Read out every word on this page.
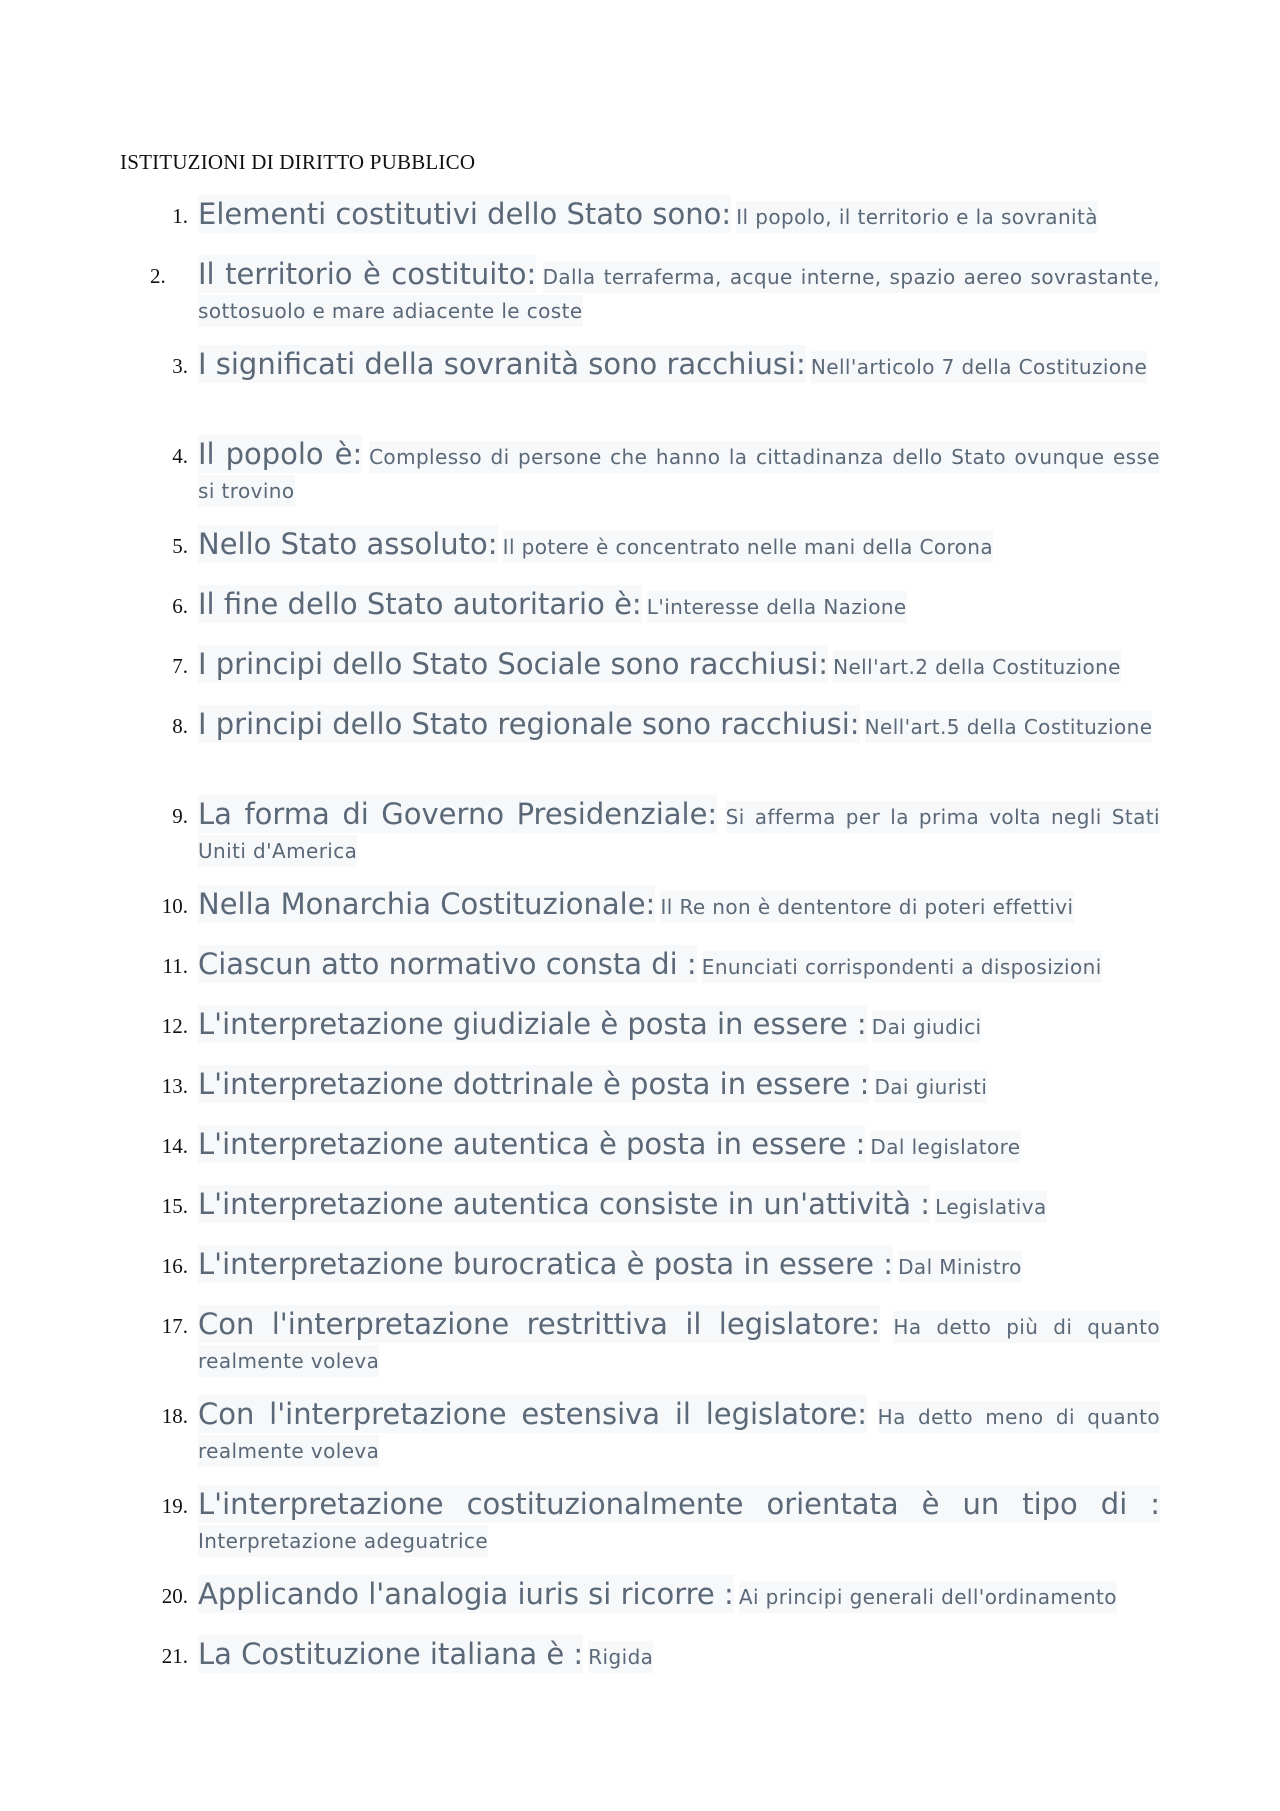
ISTITUZIONI DI DIRITTO PUBBLICO
1. Elementi costitutivi dello Stato sono: Il popolo, il territorio e la sovranità
2.	Il territorio è costituito: Dalla terraferma, acque interne, spazio aereo sovrastante, sottosuolo e mare adiacente le coste
3. I significati della sovranità sono racchiusi: Nell'articolo 7 della Costituzione
4. Il popolo è: Complesso di persone che hanno la cittadinanza dello Stato ovunque esse si trovino
5. Nello Stato assoluto: Il potere è concentrato nelle mani della Corona
6. Il fine dello Stato autoritario è: L'interesse della Nazione
7. I principi dello Stato Sociale sono racchiusi: Nell'art.2 della Costituzione
8. I principi dello Stato regionale sono racchiusi: Nell'art.5 della Costituzione
9. La forma di Governo Presidenziale: Si afferma per la prima volta negli Stati Uniti d'America
10. Nella Monarchia Costituzionale: Il Re non è dententore di poteri effettivi
11. Ciascun atto normativo consta di : Enunciati corrispondenti a disposizioni
12. L'interpretazione giudiziale è posta in essere : Dai giudici
13. L'interpretazione dottrinale è posta in essere : Dai giuristi
14. L'interpretazione autentica è posta in essere : Dal legislatore
15. L'interpretazione autentica consiste in un'attività : Legislativa
16. L'interpretazione burocratica è posta in essere : Dal Ministro
17. Con l'interpretazione restrittiva il legislatore: Ha detto più di quanto realmente voleva
18. Con l'interpretazione estensiva il legislatore: Ha detto meno di quanto realmente voleva
19. L'interpretazione costituzionalmente orientata è un tipo di : Interpretazione adeguatrice
20. Applicando l'analogia iuris si ricorre : Ai principi generali dell'ordinamento
21. La Costituzione italiana è : Rigida
